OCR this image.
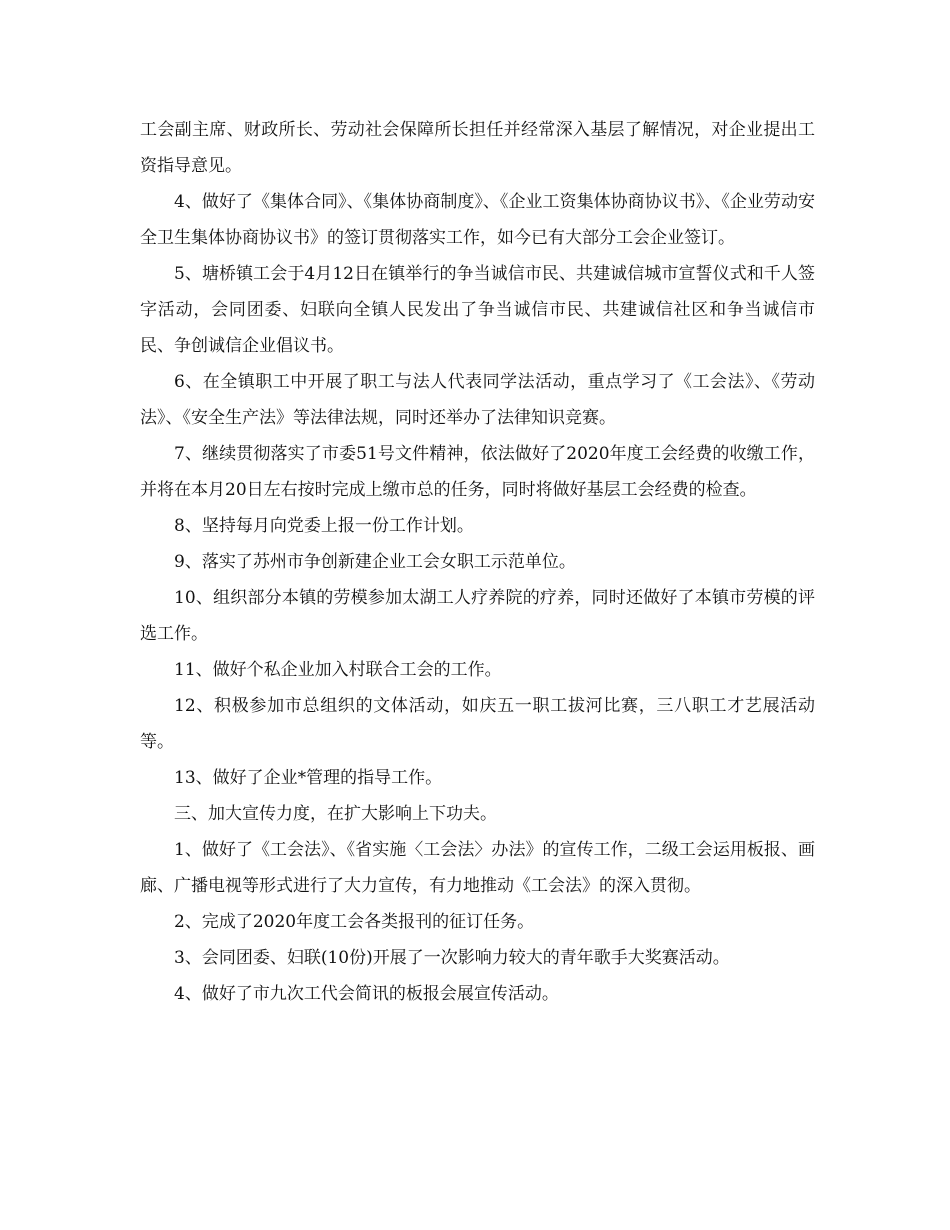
工会副主席、财政所长、劳动社会保障所长担任并经常深入基层了解情况，对企业提出工资指导意见。

4、做好了《集体合同》、《集体协商制度》、《企业工资集体协商协议书》、《企业劳动安全卫生集体协商协议书》的签订贯彻落实工作，如今已有大部分工会企业签订。

5、塘桥镇工会于4月12日在镇举行的争当诚信市民、共建诚信城市宣誓仪式和千人签字活动，会同团委、妇联向全镇人民发出了争当诚信市民、共建诚信社区和争当诚信市民、争创诚信企业倡议书。

6、在全镇职工中开展了职工与法人代表同学法活动，重点学习了《工会法》、《劳动法》、《安全生产法》等法律法规，同时还举办了法律知识竞赛。

7、继续贯彻落实了市委51号文件精神，依法做好了2020年度工会经费的收缴工作，并将在本月20日左右按时完成上缴市总的任务，同时将做好基层工会经费的检查。

8、坚持每月向党委上报一份工作计划。

9、落实了苏州市争创新建企业工会女职工示范单位。

10、组织部分本镇的劳模参加太湖工人疗养院的疗养，同时还做好了本镇市劳模的评选工作。

11、做好个私企业加入村联合工会的工作。

12、积极参加市总组织的文体活动，如庆五一职工拔河比赛，三八职工才艺展活动等。

13、做好了企业*管理的指导工作。

三、加大宣传力度，在扩大影响上下功夫。

1、做好了《工会法》、《省实施〈工会法〉办法》的宣传工作，二级工会运用板报、画廊、广播电视等形式进行了大力宣传，有力地推动《工会法》的深入贯彻。

2、完成了2020年度工会各类报刊的征订任务。

3、会同团委、妇联(10份)开展了一次影响力较大的青年歌手大奖赛活动。

4、做好了市九次工代会简讯的板报会展宣传活动。
